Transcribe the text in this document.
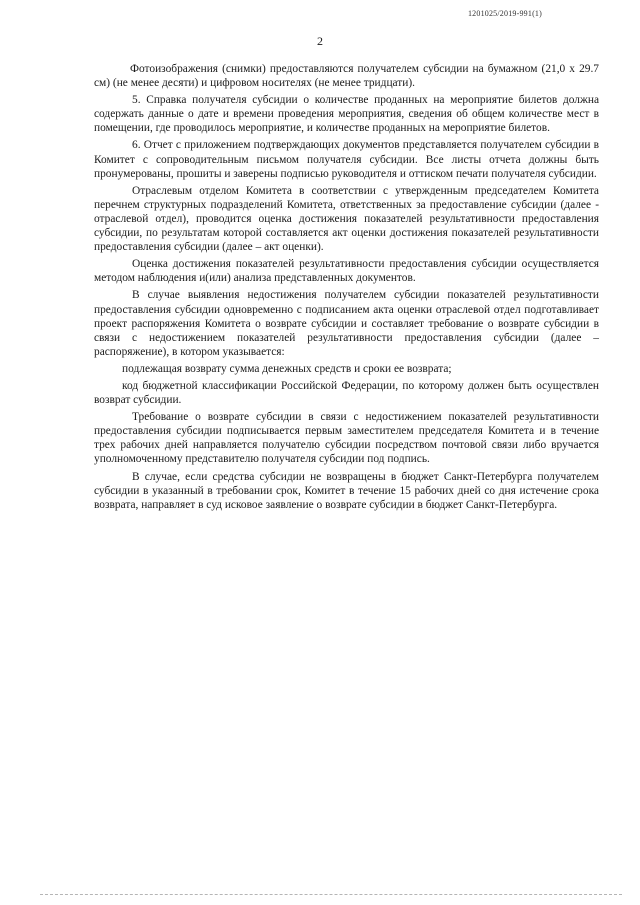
1201025/2019-991(1)
2

Фотоизображения (снимки) предоставляются получателем субсидии на бумажном (21,0 х 29.7 см) (не менее десяти) и цифровом носителях (не менее тридцати).

5. Справка получателя субсидии о количестве проданных на мероприятие билетов должна содержать данные о дате и времени проведения мероприятия, сведения об общем количестве мест в помещении, где проводилось мероприятие, и количестве проданных на мероприятие билетов.

6. Отчет с приложением подтверждающих документов представляется получателем субсидии в Комитет с сопроводительным письмом получателя субсидии. Все листы отчета должны быть пронумерованы, прошиты и заверены подписью руководителя и оттиском печати получателя субсидии.

Отраслевым отделом Комитета в соответствии с утвержденным председателем Комитета перечнем структурных подразделений Комитета, ответственных за предоставление субсидии (далее - отраслевой отдел), проводится оценка достижения показателей результативности предоставления субсидии, по результатам которой составляется акт оценки достижения показателей результативности предоставления субсидии (далее – акт оценки).

Оценка достижения показателей результативности предоставления субсидии осуществляется методом наблюдения и(или) анализа представленных документов.

В случае выявления недостижения получателем субсидии показателей результативности предоставления субсидии одновременно с подписанием акта оценки отраслевой отдел подготавливает проект распоряжения Комитета о возврате субсидии и составляет требование о возврате субсидии в связи с недостижением показателей результативности предоставления субсидии (далее – распоряжение), в котором указывается:

подлежащая возврату сумма денежных средств и сроки ее возврата;

код бюджетной классификации Российской Федерации, по которому должен быть осуществлен возврат субсидии.

Требование о возврате субсидии в связи с недостижением показателей результативности предоставления субсидии подписывается первым заместителем председателя Комитета и в течение трех рабочих дней направляется получателю субсидии посредством почтовой связи либо вручается уполномоченному представителю получателя субсидии под подпись.

В случае, если средства субсидии не возвращены в бюджет Санкт-Петербурга получателем субсидии в указанный в требовании срок, Комитет в течение 15 рабочих дней со дня истечение срока возврата, направляет в суд исковое заявление о возврате субсидии в бюджет Санкт-Петербурга.
